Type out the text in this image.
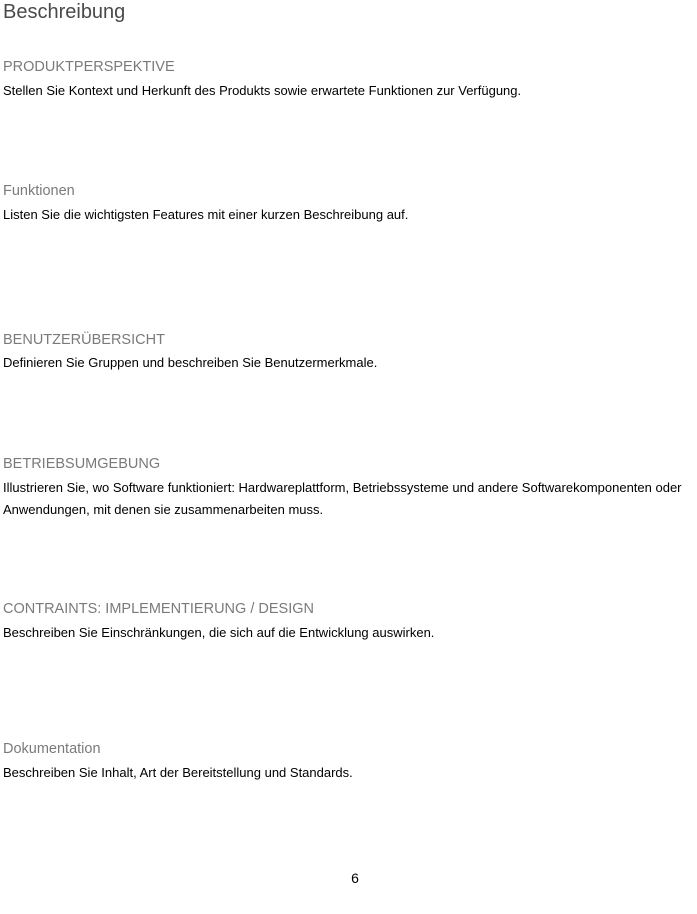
Beschreibung
PRODUKTPERSPEKTIVE

Stellen Sie Kontext und Herkunft des Produkts sowie erwartete Funktionen zur Verfügung.

Funktionen

Listen Sie die wichtigsten Features mit einer kurzen Beschreibung auf.

BENUTZERÜBERSICHT

Definieren Sie Gruppen und beschreiben Sie Benutzermerkmale.

BETRIEBSUMGEBUNG

Illustrieren Sie, wo Software funktioniert: Hardwareplattform, Betriebssysteme und andere Softwarekomponenten oder Anwendungen, mit denen sie zusammenarbeiten muss.

CONTRAINTS: IMPLEMENTIERUNG / DESIGN

Beschreiben Sie Einschränkungen, die sich auf die Entwicklung auswirken.

Dokumentation

Beschreiben Sie Inhalt, Art der Bereitstellung und Standards.

6
